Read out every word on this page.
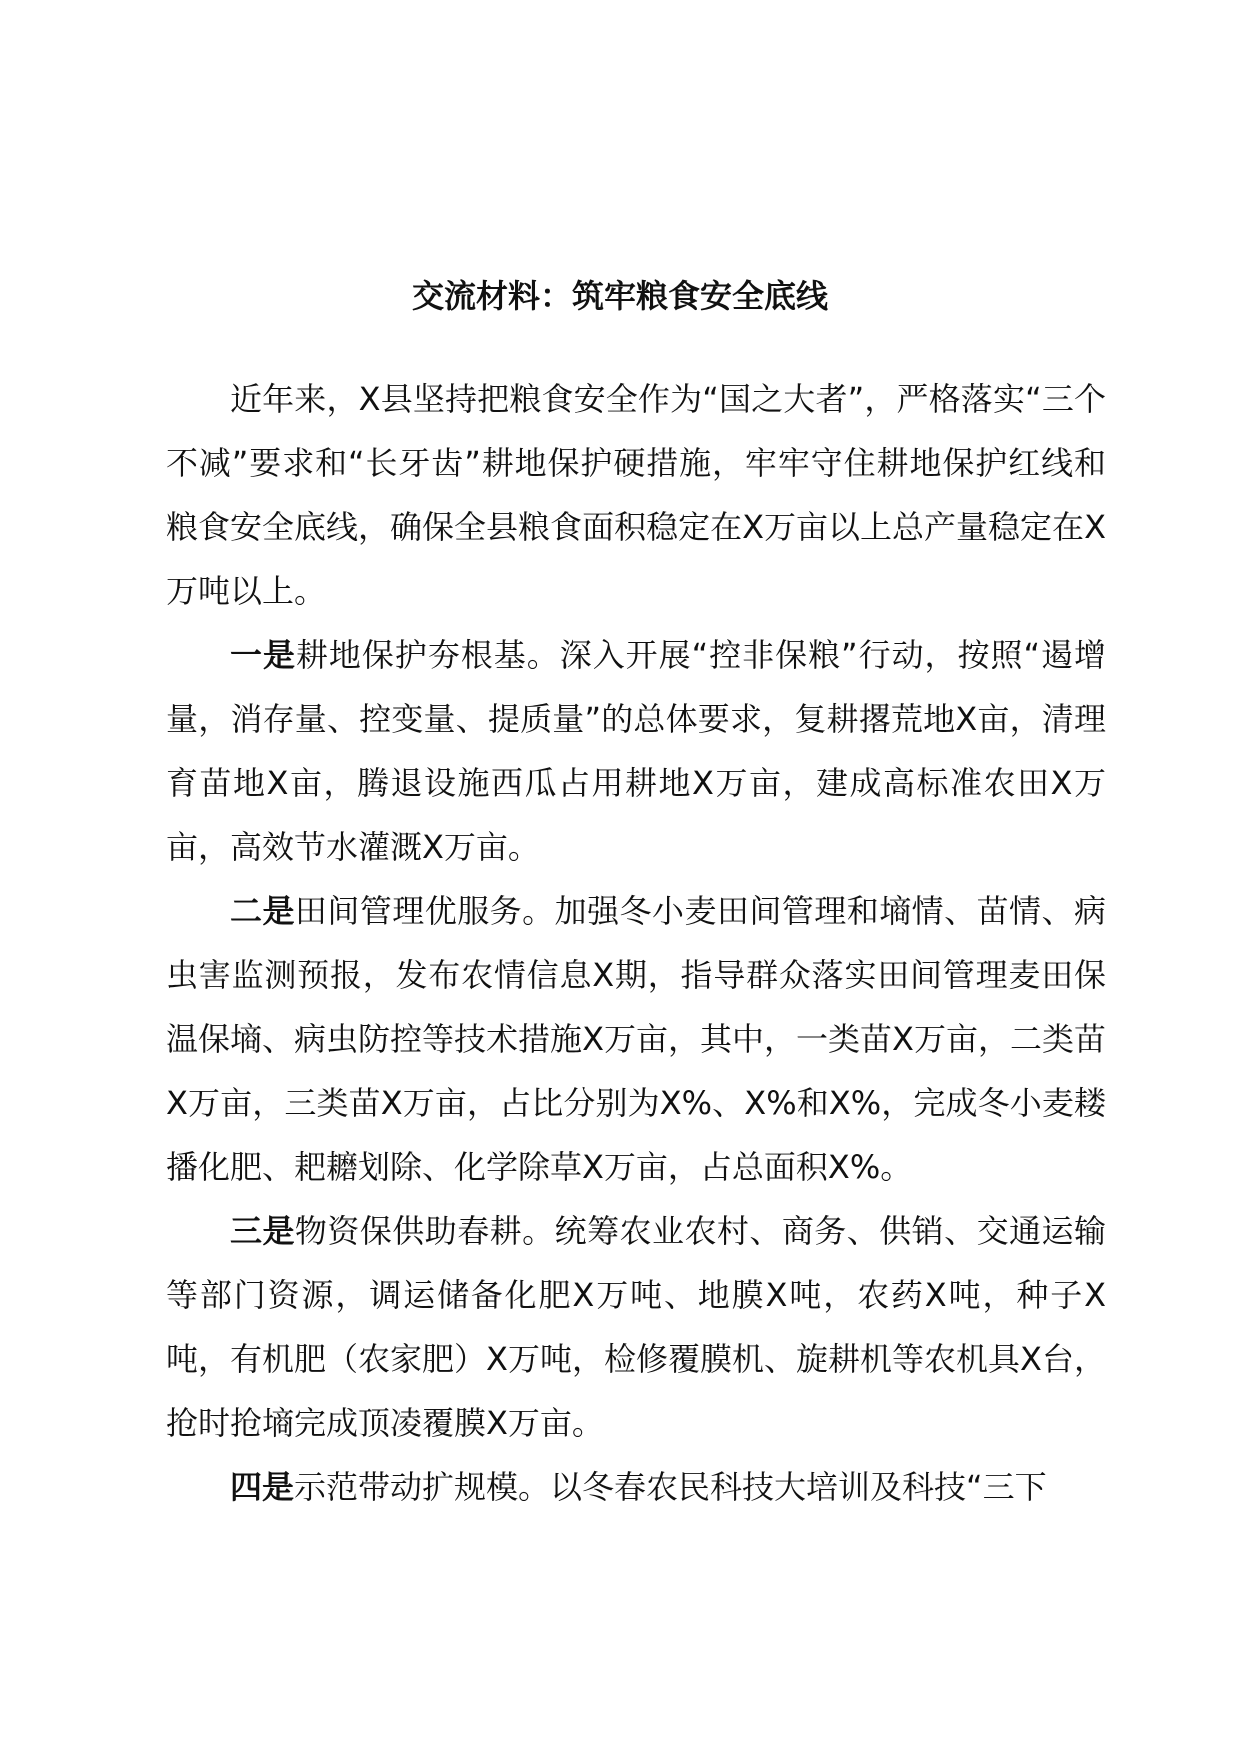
交流材料：筑牢粮食安全底线

近年来，X县坚持把粮食安全作为“国之大者”，严格落实“三个不减”要求和“长牙齿”耕地保护硬措施，牢牢守住耕地保护红线和粮食安全底线，确保全县粮食面积稳定在X万亩以上总产量稳定在X万吨以上。

一是耕地保护夯根基。深入开展“控非保粮”行动，按照“遏增量，消存量、控变量、提质量”的总体要求，复耕撂荒地X亩，清理育苗地X亩，腾退设施西瓜占用耕地X万亩，建成高标准农田X万亩，高效节水灌溉X万亩。

二是田间管理优服务。加强冬小麦田间管理和墒情、苗情、病虫害监测预报，发布农情信息X期，指导群众落实田间管理麦田保温保墒、病虫防控等技术措施X万亩，其中，一类苗X万亩，二类苗X万亩，三类苗X万亩，占比分别为X%、X%和X%，完成冬小麦耧播化肥、耙耱划除、化学除草X万亩，占总面积X%。

三是物资保供助春耕。统筹农业农村、商务、供销、交通运输等部门资源，调运储备化肥X万吨、地膜X吨，农药X吨，种子X吨，有机肥（农家肥）X万吨，检修覆膜机、旋耕机等农机具X台，抢时抢墒完成顶凌覆膜X万亩。

四是示范带动扩规模。以冬春农民科技大培训及科技“三下
